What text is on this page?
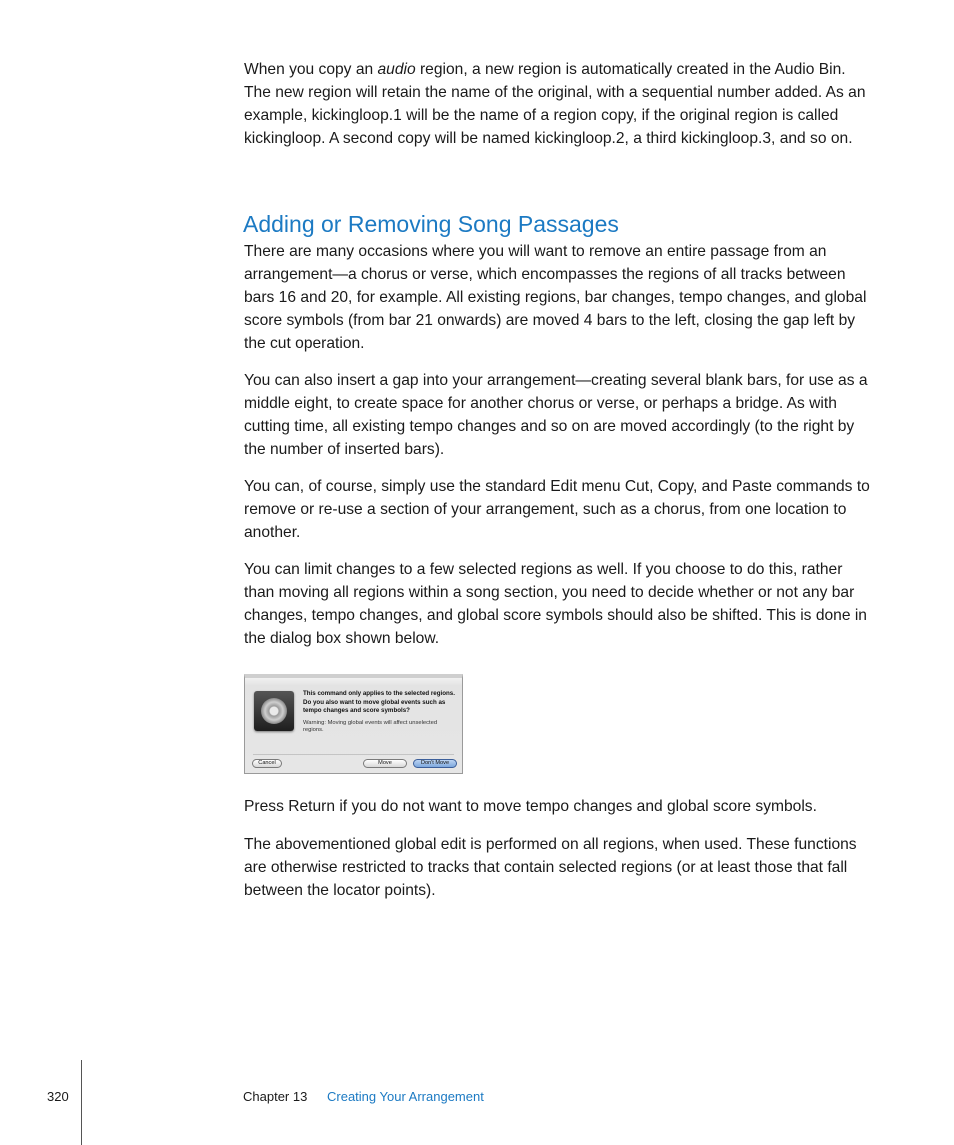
When you copy an audio region, a new region is automatically created in the Audio Bin. The new region will retain the name of the original, with a sequential number added. As an example, kickingloop.1 will be the name of a region copy, if the original region is called kickingloop. A second copy will be named kickingloop.2, a third kickingloop.3, and so on.

Adding or Removing Song Passages

There are many occasions where you will want to remove an entire passage from an arrangement—a chorus or verse, which encompasses the regions of all tracks between bars 16 and 20, for example. All existing regions, bar changes, tempo changes, and global score symbols (from bar 21 onwards) are moved 4 bars to the left, closing the gap left by the cut operation.

You can also insert a gap into your arrangement—creating several blank bars, for use as a middle eight, to create space for another chorus or verse, or perhaps a bridge. As with cutting time, all existing tempo changes and so on are moved accordingly (to the right by the number of inserted bars).

You can, of course, simply use the standard Edit menu Cut, Copy, and Paste commands to remove or re-use a section of your arrangement, such as a chorus, from one location to another.

You can limit changes to a few selected regions as well. If you choose to do this, rather than moving all regions within a song section, you need to decide whether or not any bar changes, tempo changes, and global score symbols should also be shifted. This is done in the dialog box shown below.

This command only applies to the selected regions. Do you also want to move global events such as tempo changes and score symbols?
Warning: Moving global events will affect unselected regions.
Cancel	Move	Don't Move

Press Return if you do not want to move tempo changes and global score symbols.

The abovementioned global edit is performed on all regions, when used. These functions are otherwise restricted to tracks that contain selected regions (or at least those that fall between the locator points).

320	Chapter 13 Creating Your Arrangement
